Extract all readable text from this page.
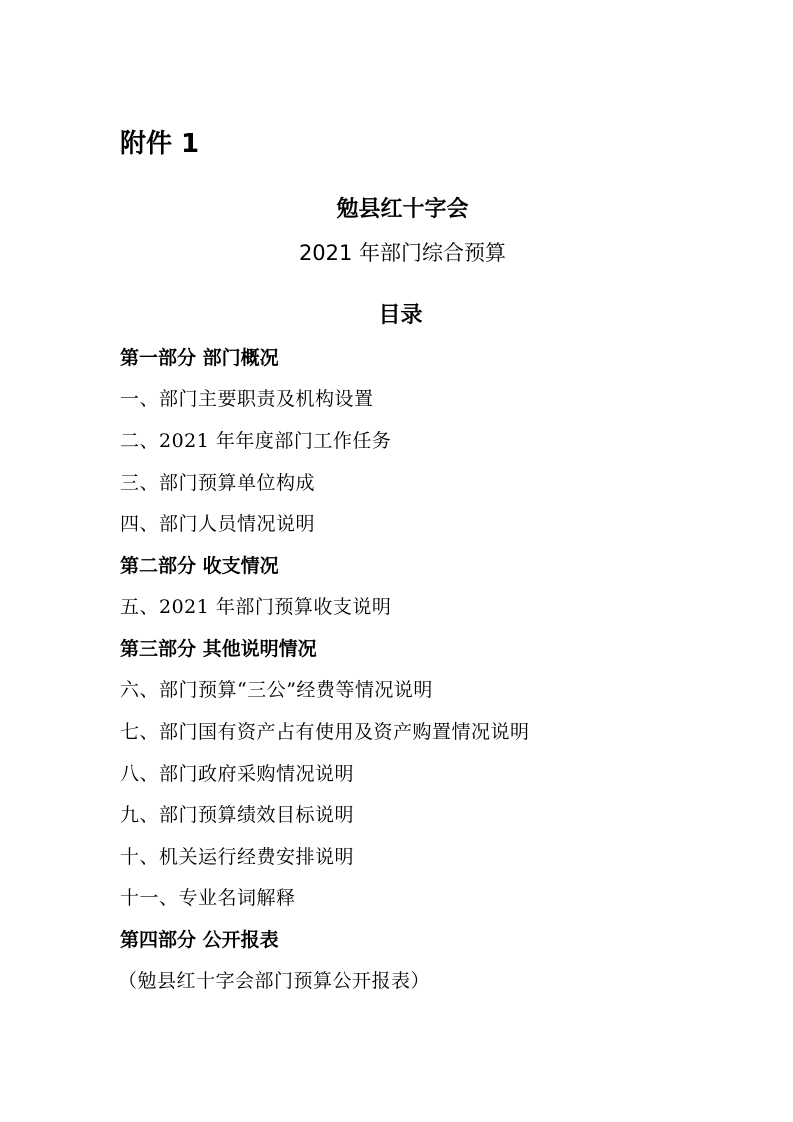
附件 1
勉县红十字会
2021 年部门综合预算
目录
第一部分 部门概况
一、部门主要职责及机构设置
二、2021 年年度部门工作任务
三、部门预算单位构成
四、部门人员情况说明
第二部分 收支情况
五、2021 年部门预算收支说明
第三部分 其他说明情况
六、部门预算“三公”经费等情况说明
七、部门国有资产占有使用及资产购置情况说明
八、部门政府采购情况说明
九、部门预算绩效目标说明
十、机关运行经费安排说明
十一、专业名词解释
第四部分 公开报表
（勉县红十字会部门预算公开报表）
